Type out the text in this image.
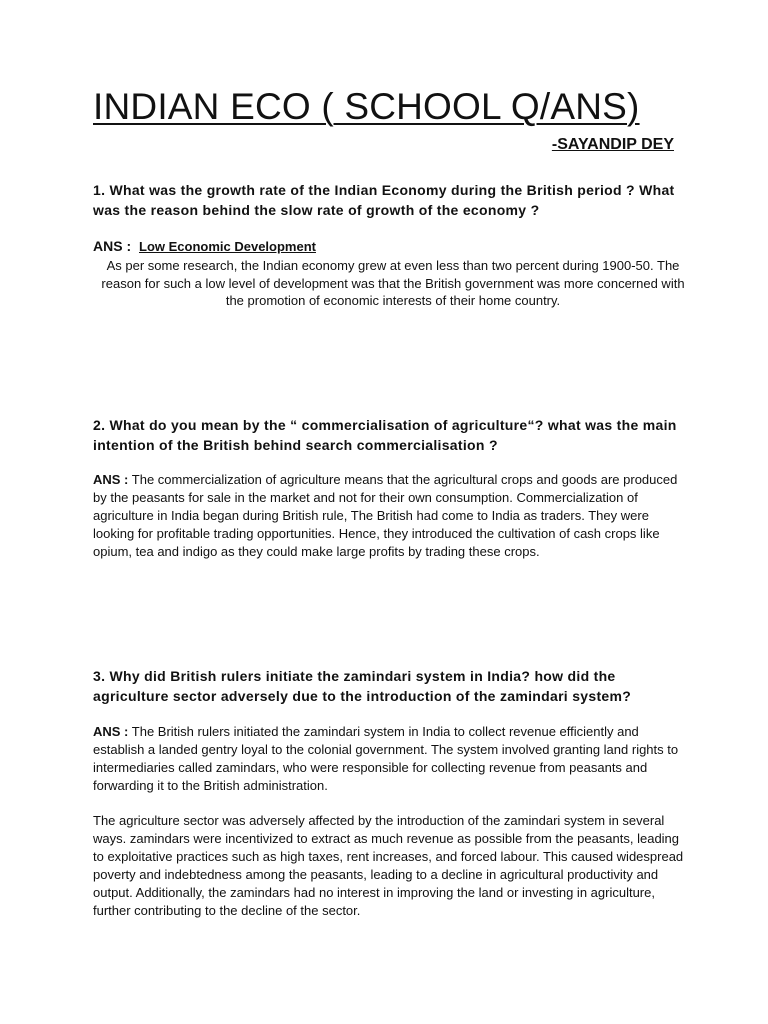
INDIAN ECO ( SCHOOL Q/ANS)
-SAYANDIP DEY

1. What was the growth rate of the Indian Economy during the British period ? What was the reason behind the slow rate of growth of the economy ?

ANS : Low Economic Development

As per some research, the Indian economy grew at even less than two percent during 1900-50. The reason for such a low level of development was that the British government was more concerned with the promotion of economic interests of their home country.

2. What do you mean by the “ commercialisation of agriculture“? what was the main intention of the British behind search commercialisation ?

ANS : The commercialization of agriculture means that the agricultural crops and goods are produced by the peasants for sale in the market and not for their own consumption. Commercialization of agriculture in India began during British rule, The British had come to India as traders. They were looking for profitable trading opportunities. Hence, they introduced the cultivation of cash crops like opium, tea and indigo as they could make large profits by trading these crops.

3. Why did British rulers initiate the zamindari system in India? how did the agriculture sector adversely due to the introduction of the zamindari system?

ANS : The British rulers initiated the zamindari system in India to collect revenue efficiently and establish a landed gentry loyal to the colonial government. The system involved granting land rights to intermediaries called zamindars, who were responsible for collecting revenue from peasants and forwarding it to the British administration.

The agriculture sector was adversely affected by the introduction of the zamindari system in several ways. zamindars were incentivized to extract as much revenue as possible from the peasants, leading to exploitative practices such as high taxes, rent increases, and forced labour. This caused widespread poverty and indebtedness among the peasants, leading to a decline in agricultural productivity and output. Additionally, the zamindars had no interest in improving the land or investing in agriculture, further contributing to the decline of the sector.
